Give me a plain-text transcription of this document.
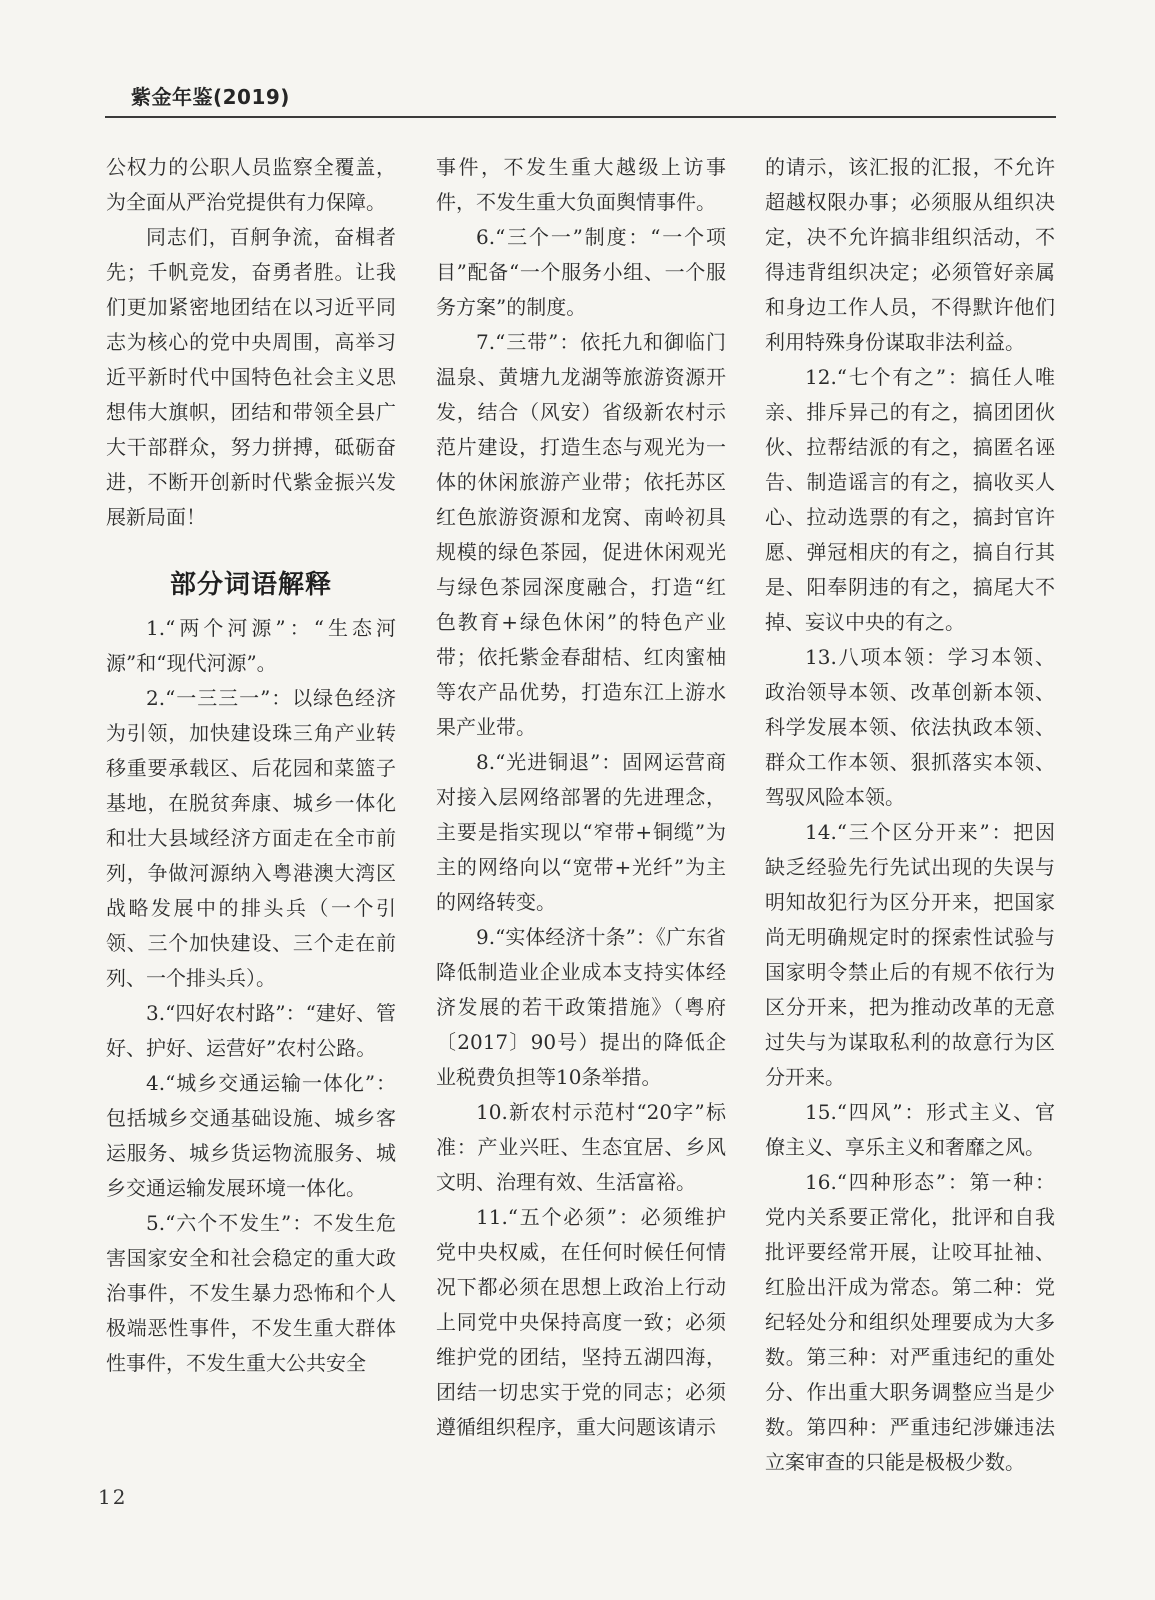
紫金年鉴(2019)

公权力的公职人员监察全覆盖，为全面从严治党提供有力保障。

同志们，百舸争流，奋楫者先；千帆竞发，奋勇者胜。让我们更加紧密地团结在以习近平同志为核心的党中央周围，高举习近平新时代中国特色社会主义思想伟大旗帜，团结和带领全县广大干部群众，努力拼搏，砥砺奋进，不断开创新时代紫金振兴发展新局面！

部分词语解释

1.“两个河源”：“生态河源”和“现代河源”。

2.“一三三一”：以绿色经济为引领，加快建设珠三角产业转移重要承载区、后花园和菜篮子基地，在脱贫奔康、城乡一体化和壮大县域经济方面走在全市前列，争做河源纳入粤港澳大湾区战略发展中的排头兵（一个引领、三个加快建设、三个走在前列、一个排头兵）。

3.“四好农村路”：“建好、管好、护好、运营好”农村公路。

4.“城乡交通运输一体化”：包括城乡交通基础设施、城乡客运服务、城乡货运物流服务、城乡交通运输发展环境一体化。

5.“六个不发生”：不发生危害国家安全和社会稳定的重大政治事件，不发生暴力恐怖和个人极端恶性事件，不发生重大群体性事件，不发生重大公共安全

事件，不发生重大越级上访事件，不发生重大负面舆情事件。

6.“三个一”制度：“一个项目”配备“一个服务小组、一个服务方案”的制度。

7.“三带”：依托九和御临门温泉、黄塘九龙湖等旅游资源开发，结合（风安）省级新农村示范片建设，打造生态与观光为一体的休闲旅游产业带；依托苏区红色旅游资源和龙窝、南岭初具规模的绿色茶园，促进休闲观光与绿色茶园深度融合，打造“红色教育+绿色休闲”的特色产业带；依托紫金春甜桔、红肉蜜柚等农产品优势，打造东江上游水果产业带。

8.“光进铜退”：固网运营商对接入层网络部署的先进理念，主要是指实现以“窄带+铜缆”为主的网络向以“宽带+光纤”为主的网络转变。

9.“实体经济十条”：《广东省降低制造业企业成本支持实体经济发展的若干政策措施》（粤府〔2017〕90号）提出的降低企业税费负担等10条举措。

10.新农村示范村“20字”标准：产业兴旺、生态宜居、乡风文明、治理有效、生活富裕。

11.“五个必须”：必须维护党中央权威，在任何时候任何情况下都必须在思想上政治上行动上同党中央保持高度一致；必须维护党的团结，坚持五湖四海，团结一切忠实于党的同志；必须遵循组织程序，重大问题该请示

的请示，该汇报的汇报，不允许超越权限办事；必须服从组织决定，决不允许搞非组织活动，不得违背组织决定；必须管好亲属和身边工作人员，不得默许他们利用特殊身份谋取非法利益。

12.“七个有之”：搞任人唯亲、排斥异己的有之，搞团团伙伙、拉帮结派的有之，搞匿名诬告、制造谣言的有之，搞收买人心、拉动选票的有之，搞封官许愿、弹冠相庆的有之，搞自行其是、阳奉阴违的有之，搞尾大不掉、妄议中央的有之。

13.八项本领：学习本领、政治领导本领、改革创新本领、科学发展本领、依法执政本领、群众工作本领、狠抓落实本领、驾驭风险本领。

14.“三个区分开来”：把因缺乏经验先行先试出现的失误与明知故犯行为区分开来，把国家尚无明确规定时的探索性试验与国家明令禁止后的有规不依行为区分开来，把为推动改革的无意过失与为谋取私利的故意行为区分开来。

15.“四风”：形式主义、官僚主义、享乐主义和奢靡之风。

16.“四种形态”：第一种：党内关系要正常化，批评和自我批评要经常开展，让咬耳扯袖、红脸出汗成为常态。第二种：党纪轻处分和组织处理要成为大多数。第三种：对严重违纪的重处分、作出重大职务调整应当是少数。第四种：严重违纪涉嫌违法立案审查的只能是极极少数。

12
